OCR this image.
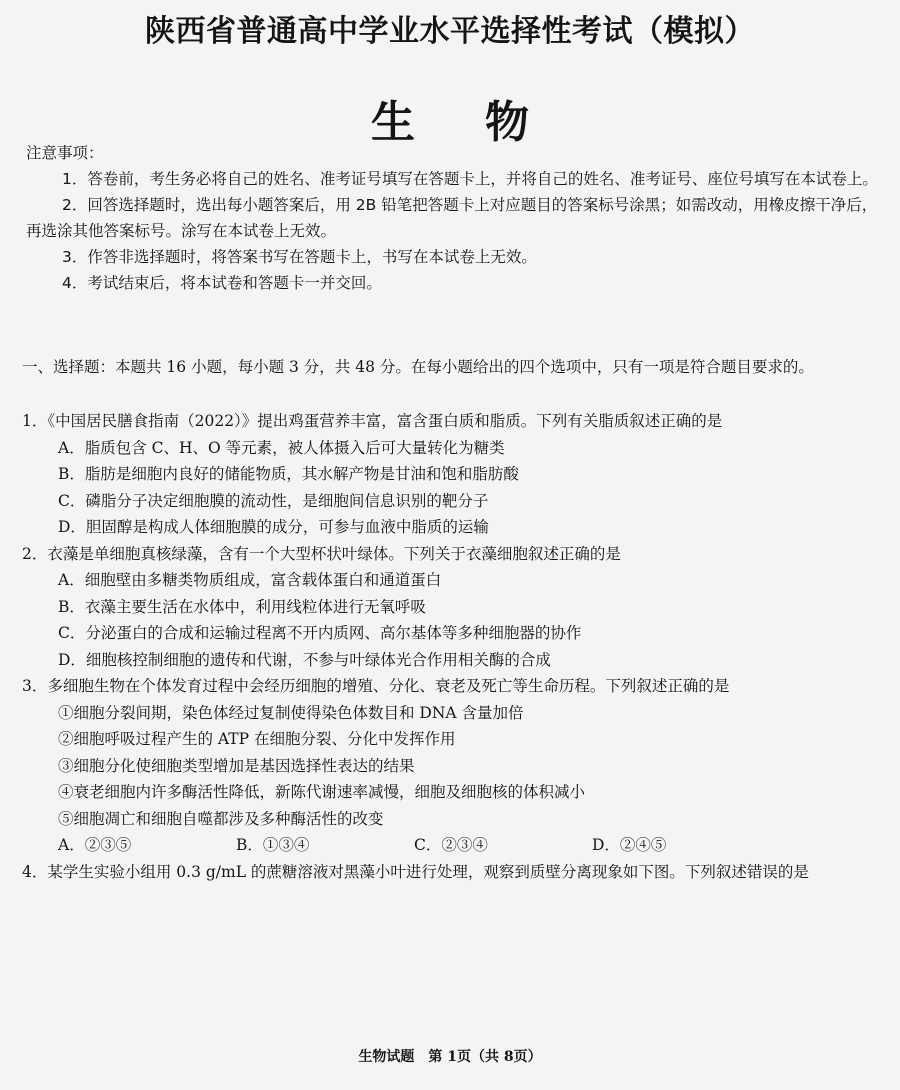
陕西省普通高中学业水平选择性考试（模拟）
生物
注意事项：

1．答卷前，考生务必将自己的姓名、准考证号填写在答题卡上，并将自己的姓名、准考证号、座位号填写在本试卷上。

2．回答选择题时，选出每小题答案后，用 2B 铅笔把答题卡上对应题目的答案标号涂黑；如需改动，用橡皮擦干净后，再选涂其他答案标号。涂写在本试卷上无效。

3．作答非选择题时，将答案书写在答题卡上，书写在本试卷上无效。

4．考试结束后，将本试卷和答题卡一并交回。

一、选择题：本题共 16 小题，每小题 3 分，共 48 分。在每小题给出的四个选项中，只有一项是符合题目要求的。

1．《中国居民膳食指南（2022）》提出鸡蛋营养丰富，富含蛋白质和脂质。下列有关脂质叙述正确的是

A．脂质包含 C、H、O 等元素，被人体摄入后可大量转化为糖类

B．脂肪是细胞内良好的储能物质，其水解产物是甘油和饱和脂肪酸

C．磷脂分子决定细胞膜的流动性，是细胞间信息识别的靶分子

D．胆固醇是构成人体细胞膜的成分，可参与血液中脂质的运输

2．衣藻是单细胞真核绿藻，含有一个大型杯状叶绿体。下列关于衣藻细胞叙述正确的是

A．细胞壁由多糖类物质组成，富含载体蛋白和通道蛋白

B．衣藻主要生活在水体中，利用线粒体进行无氧呼吸

C．分泌蛋白的合成和运输过程离不开内质网、高尔基体等多种细胞器的协作

D．细胞核控制细胞的遗传和代谢，不参与叶绿体光合作用相关酶的合成

3．多细胞生物在个体发育过程中会经历细胞的增殖、分化、衰老及死亡等生命历程。下列叙述正确的是

①细胞分裂间期，染色体经过复制使得染色体数目和 DNA 含量加倍

②细胞呼吸过程产生的 ATP 在细胞分裂、分化中发挥作用

③细胞分化使细胞类型增加是基因选择性表达的结果

④衰老细胞内许多酶活性降低，新陈代谢速率减慢，细胞及细胞核的体积减小

⑤细胞凋亡和细胞自噬都涉及多种酶活性的改变

A．②③⑤	B．①③④	C．②③④	D．②④⑤

4．某学生实验小组用 0.3 g/mL 的蔗糖溶液对黑藻小叶进行处理，观察到质壁分离现象如下图。下列叙述错误的是

生物试题　第 1页（共 8页）
